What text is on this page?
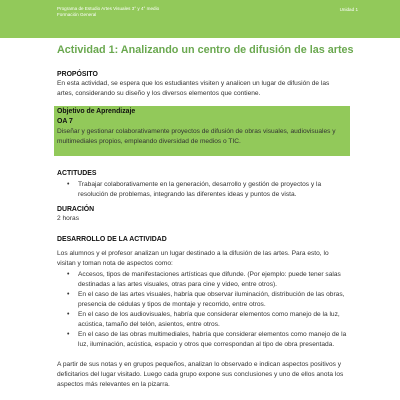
Programa de Estudio Artes Visuales 3° y 4° medio
Formación General
Unidad 1
Actividad 1: Analizando un centro de difusión de las artes
PROPÓSITO
En esta actividad, se espera que los estudiantes visiten y analicen un lugar de difusión de las artes, considerando su diseño y los diversos elementos que contiene.
Objetivo de Aprendizaje
OA 7
Diseñar y gestionar colaborativamente proyectos de difusión de obras visuales, audiovisuales y multimediales propios, empleando diversidad de medios o TIC.
ACTITUDES
• Trabajar colaborativamente en la generación, desarrollo y gestión de proyectos y la resolución de problemas, integrando las diferentes ideas y puntos de vista.
DURACIÓN
2 horas
DESARROLLO DE LA ACTIVIDAD
Los alumnos y el profesor analizan un lugar destinado a la difusión de las artes. Para esto, lo visitan y toman nota de aspectos como:
• Accesos, tipos de manifestaciones artísticas que difunde. (Por ejemplo: puede tener salas destinadas a las artes visuales, otras para cine y video, entre otros).
• En el caso de las artes visuales, habría que observar iluminación, distribución de las obras, presencia de cédulas y tipos de montaje y recorrido, entre otros.
• En el caso de los audiovisuales, habría que considerar elementos como manejo de la luz, acústica, tamaño del telón, asientos, entre otros.
• En el caso de las obras multimediales, habría que considerar elementos como manejo de la luz, iluminación, acústica, espacio y otros que correspondan al tipo de obra presentada.
A partir de sus notas y en grupos pequeños, analizan lo observado e indican aspectos positivos y deficitarios del lugar visitado. Luego cada grupo expone sus conclusiones y uno de ellos anota los aspectos más relevantes en la pizarra.
